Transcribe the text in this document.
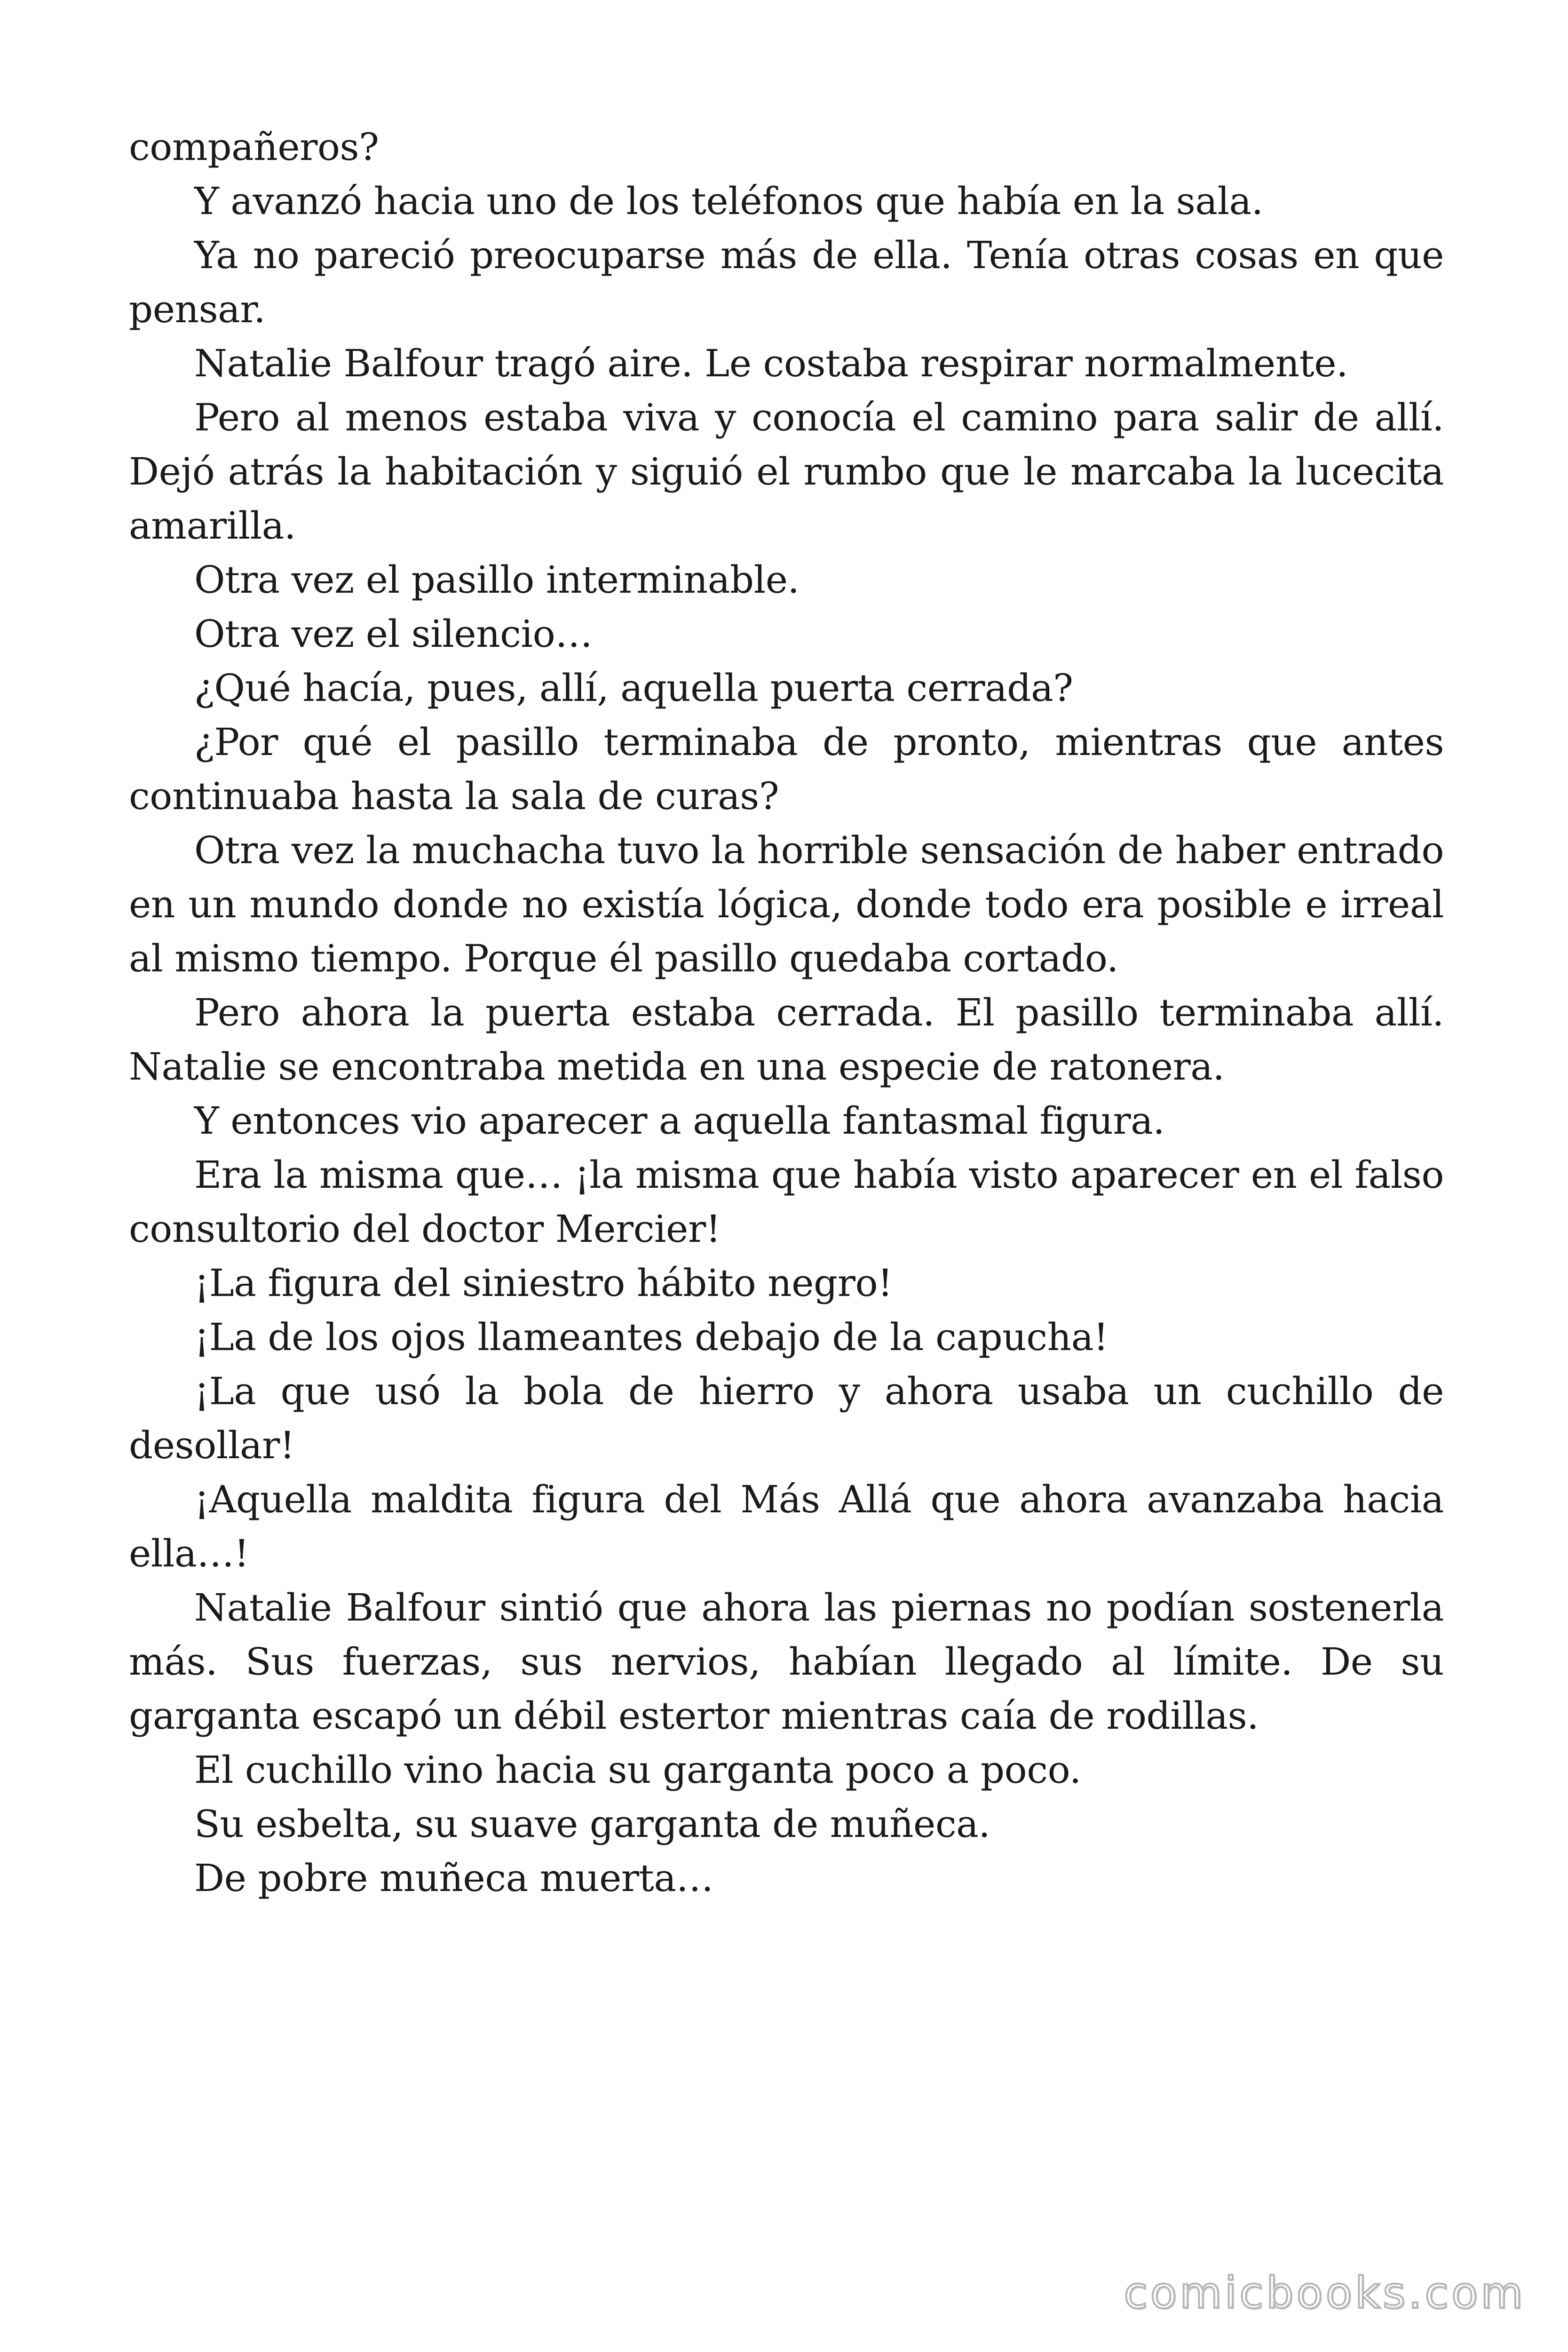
compañeros?

Y avanzó hacia uno de los teléfonos que había en la sala.

Ya no pareció preocuparse más de ella. Tenía otras cosas en que pensar.

Natalie Balfour tragó aire. Le costaba respirar normalmente.

Pero al menos estaba viva y conocía el camino para salir de allí. Dejó atrás la habitación y siguió el rumbo que le marcaba la lucecita amarilla.

Otra vez el pasillo interminable.

Otra vez el silencio…

¿Qué hacía, pues, allí, aquella puerta cerrada?

¿Por qué el pasillo terminaba de pronto, mientras que antes continuaba hasta la sala de curas?

Otra vez la muchacha tuvo la horrible sensación de haber entrado en un mundo donde no existía lógica, donde todo era posible e irreal al mismo tiempo. Porque él pasillo quedaba cortado.

Pero ahora la puerta estaba cerrada. El pasillo terminaba allí. Natalie se encontraba metida en una especie de ratonera.

Y entonces vio aparecer a aquella fantasmal figura.

Era la misma que… ¡la misma que había visto aparecer en el falso consultorio del doctor Mercier!

¡La figura del siniestro hábito negro!

¡La de los ojos llameantes debajo de la capucha!

¡La que usó la bola de hierro y ahora usaba un cuchillo de desollar!

¡Aquella maldita figura del Más Allá que ahora avanzaba hacia ella…!

Natalie Balfour sintió que ahora las piernas no podían sostenerla más. Sus fuerzas, sus nervios, habían llegado al límite. De su garganta escapó un débil estertor mientras caía de rodillas.

El cuchillo vino hacia su garganta poco a poco.

Su esbelta, su suave garganta de muñeca.

De pobre muñeca muerta…

comicbooks.com
